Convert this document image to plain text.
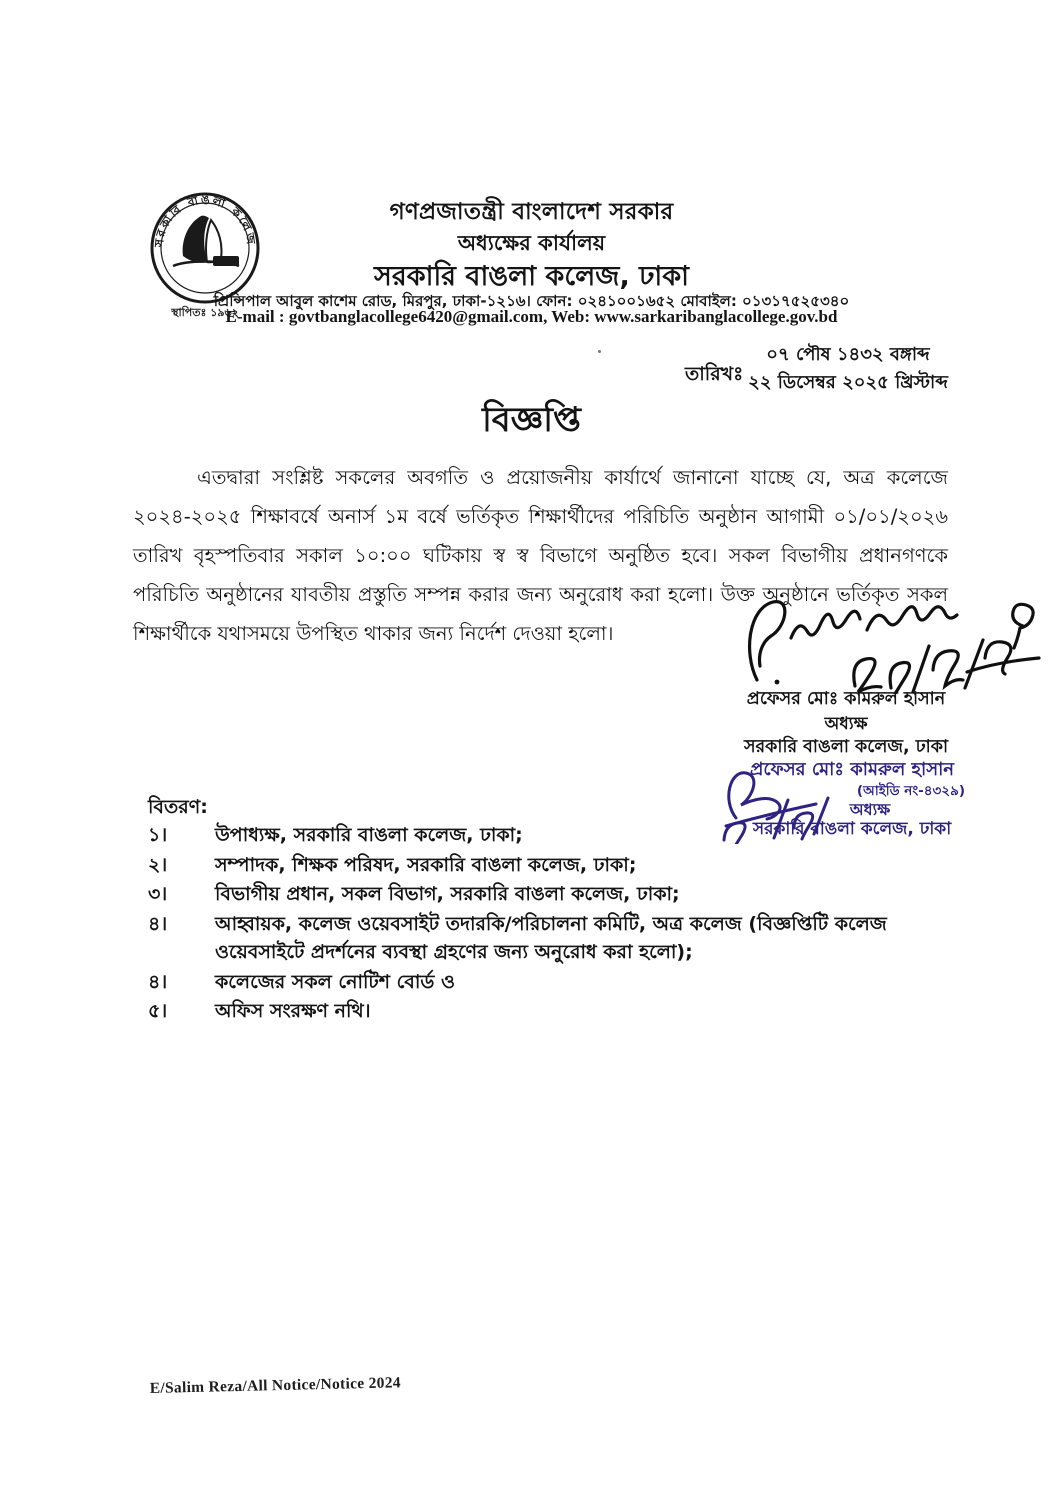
সরকারি বাঙলা কলেজ
স্থাপিতঃ ১৯৬২
গণপ্রজাতন্ত্রী বাংলাদেশ সরকার
অধ্যক্ষের কার্যালয়
সরকারি বাঙলা কলেজ, ঢাকা
প্রিন্সিপাল আবুল কাশেম রোড, মিরপুর, ঢাকা-১২১৬। ফোন: ০২৪১০০১৬৫২ মোবাইল: ০১৩১৭৫২৫৩৪০
E-mail : govtbanglacollege6420@gmail.com, Web: www.sarkaribanglacollege.gov.bd
তারিখঃ
০৭ পৌষ ১৪৩২ বঙ্গাব্দ
২২ ডিসেম্বর ২০২৫ খ্রিস্টাব্দ
বিজ্ঞপ্তি
এতদ্বারা সংশ্লিষ্ট সকলের অবগতি ও প্রয়োজনীয় কার্যার্থে জানানো যাচ্ছে যে, অত্র কলেজে ২০২৪-২০২৫ শিক্ষাবর্ষে অনার্স ১ম বর্ষে ভর্তিকৃত শিক্ষার্থীদের পরিচিতি অনুষ্ঠান আগামী ০১/০১/২০২৬ তারিখ বৃহস্পতিবার সকাল ১০:০০ ঘটিকায় স্ব স্ব বিভাগে অনুষ্ঠিত হবে। সকল বিভাগীয় প্রধানগণকে পরিচিতি অনুষ্ঠানের যাবতীয় প্রস্তুতি সম্পন্ন করার জন্য অনুরোধ করা হলো। উক্ত অনুষ্ঠানে ভর্তিকৃত সকল শিক্ষার্থীকে যথাসময়ে উপস্থিত থাকার জন্য নির্দেশ দেওয়া হলো।
প্রফেসর মোঃ কামরুল হাসান
অধ্যক্ষ
সরকারি বাঙলা কলেজ, ঢাকা
প্রফেসর মোঃ কামরুল হাসান
(আইডি নং-৪৩২৯)
অধ্যক্ষ
সরকারি বাঙলা কলেজ, ঢাকা
বিতরণ:
১।	উপাধ্যক্ষ, সরকারি বাঙলা কলেজ, ঢাকা;
২।	সম্পাদক, শিক্ষক পরিষদ, সরকারি বাঙলা কলেজ, ঢাকা;
৩।	বিভাগীয় প্রধান, সকল বিভাগ, সরকারি বাঙলা কলেজ, ঢাকা;
৪।	আহ্বায়ক, কলেজ ওয়েবসাইট তদারকি/পরিচালনা কমিটি, অত্র কলেজ (বিজ্ঞপ্তিটি কলেজ ওয়েবসাইটে প্রদর্শনের ব্যবস্থা গ্রহণের জন্য অনুরোধ করা হলো);
৪।	কলেজের সকল নোটিশ বোর্ড ও
৫।	অফিস সংরক্ষণ নথি।
E/Salim Reza/All Notice/Notice 2024
